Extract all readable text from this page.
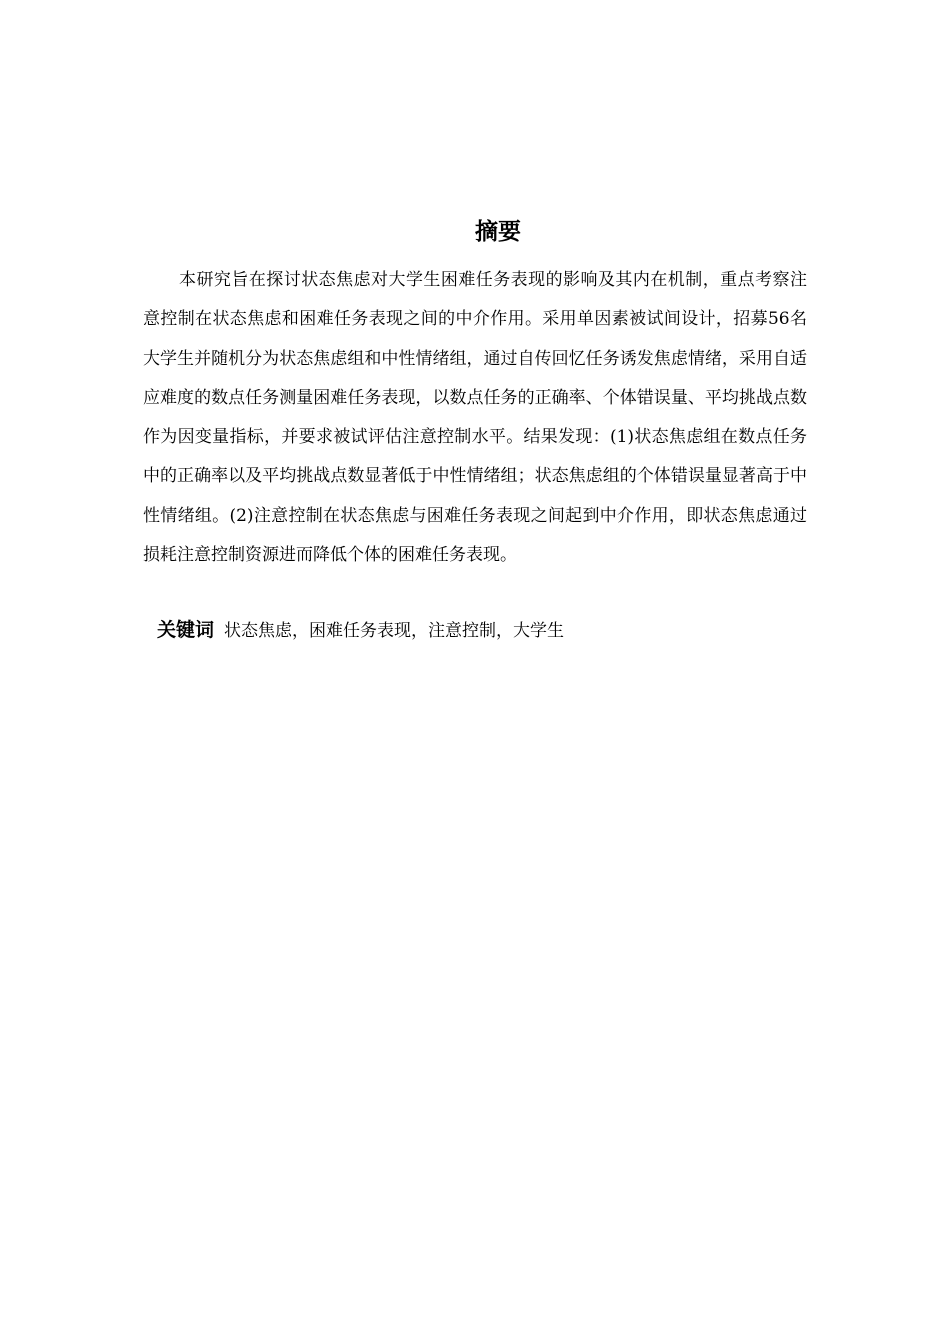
摘要

本研究旨在探讨状态焦虑对大学生困难任务表现的影响及其内在机制，重点考察注意控制在状态焦虑和困难任务表现之间的中介作用。采用单因素被试间设计，招募56名大学生并随机分为状态焦虑组和中性情绪组，通过自传回忆任务诱发焦虑情绪，采用自适应难度的数点任务测量困难任务表现，以数点任务的正确率、个体错误量、平均挑战点数作为因变量指标，并要求被试评估注意控制水平。结果发现：(1)状态焦虑组在数点任务中的正确率以及平均挑战点数显著低于中性情绪组；状态焦虑组的个体错误量显著高于中性情绪组。(2)注意控制在状态焦虑与困难任务表现之间起到中介作用，即状态焦虑通过损耗注意控制资源进而降低个体的困难任务表现。

关键词 状态焦虑，困难任务表现，注意控制，大学生
